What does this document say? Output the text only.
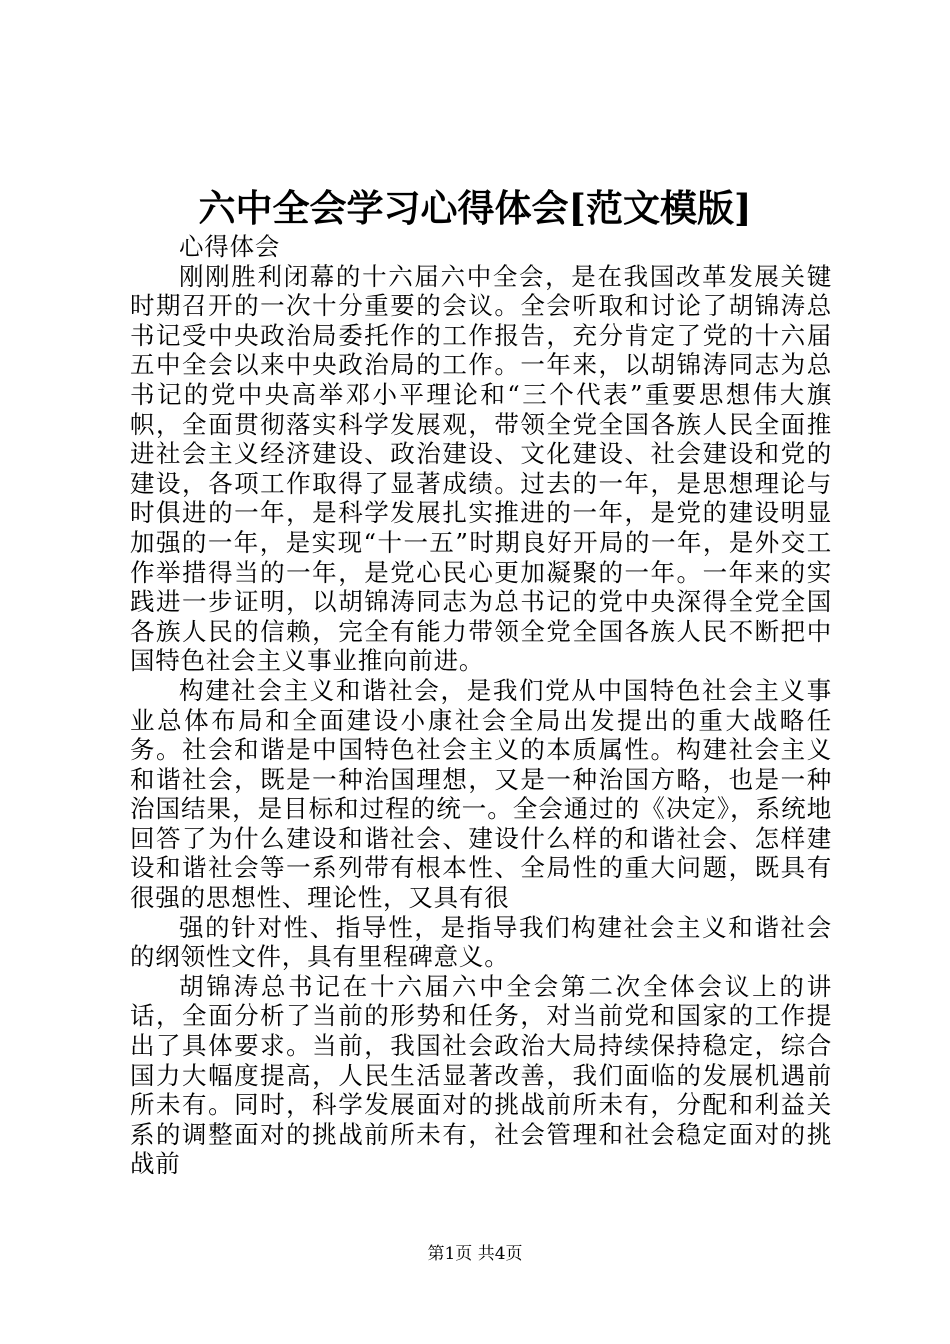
六中全会学习心得体会[范文模版]

心得体会

刚刚胜利闭幕的十六届六中全会，是在我国改革发展关键时期召开的一次十分重要的会议。全会听取和讨论了胡锦涛总书记受中央政治局委托作的工作报告，充分肯定了党的十六届五中全会以来中央政治局的工作。一年来，以胡锦涛同志为总书记的党中央高举邓小平理论和“三个代表”重要思想伟大旗帜，全面贯彻落实科学发展观，带领全党全国各族人民全面推进社会主义经济建设、政治建设、文化建设、社会建设和党的建设，各项工作取得了显著成绩。过去的一年，是思想理论与时俱进的一年，是科学发展扎实推进的一年，是党的建设明显加强的一年，是实现“十一五”时期良好开局的一年，是外交工作举措得当的一年，是党心民心更加凝聚的一年。一年来的实践进一步证明，以胡锦涛同志为总书记的党中央深得全党全国各族人民的信赖，完全有能力带领全党全国各族人民不断把中国特色社会主义事业推向前进。

构建社会主义和谐社会，是我们党从中国特色社会主义事业总体布局和全面建设小康社会全局出发提出的重大战略任务。社会和谐是中国特色社会主义的本质属性。构建社会主义和谐社会，既是一种治国理想，又是一种治国方略，也是一种治国结果，是目标和过程的统一。全会通过的《决定》，系统地回答了为什么建设和谐社会、建设什么样的和谐社会、怎样建设和谐社会等一系列带有根本性、全局性的重大问题，既具有很强的思想性、理论性，又具有很

强的针对性、指导性，是指导我们构建社会主义和谐社会的纲领性文件，具有里程碑意义。

胡锦涛总书记在十六届六中全会第二次全体会议上的讲话，全面分析了当前的形势和任务，对当前党和国家的工作提出了具体要求。当前，我国社会政治大局持续保持稳定，综合国力大幅度提高，人民生活显著改善，我们面临的发展机遇前所未有。同时，科学发展面对的挑战前所未有，分配和利益关系的调整面对的挑战前所未有，社会管理和社会稳定面对的挑战前

第1页 共4页
